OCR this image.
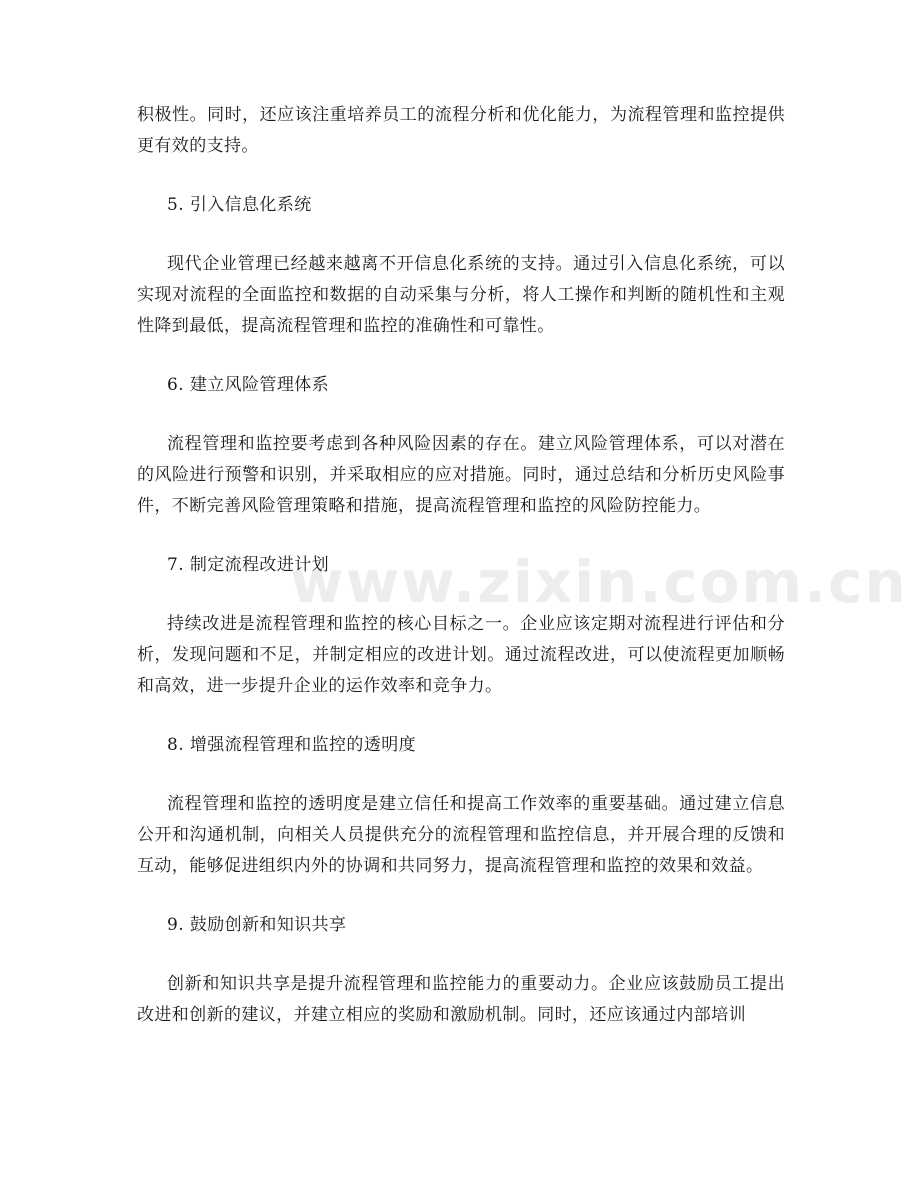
积极性。同时，还应该注重培养员工的流程分析和优化能力，为流程管理和监控提供更有效的支持。

5. 引入信息化系统

现代企业管理已经越来越离不开信息化系统的支持。通过引入信息化系统，可以实现对流程的全面监控和数据的自动采集与分析，将人工操作和判断的随机性和主观性降到最低，提高流程管理和监控的准确性和可靠性。

6. 建立风险管理体系

流程管理和监控要考虑到各种风险因素的存在。建立风险管理体系，可以对潜在的风险进行预警和识别，并采取相应的应对措施。同时，通过总结和分析历史风险事件，不断完善风险管理策略和措施，提高流程管理和监控的风险防控能力。

7. 制定流程改进计划

持续改进是流程管理和监控的核心目标之一。企业应该定期对流程进行评估和分析，发现问题和不足，并制定相应的改进计划。通过流程改进，可以使流程更加顺畅和高效，进一步提升企业的运作效率和竞争力。

8. 增强流程管理和监控的透明度

流程管理和监控的透明度是建立信任和提高工作效率的重要基础。通过建立信息公开和沟通机制，向相关人员提供充分的流程管理和监控信息，并开展合理的反馈和互动，能够促进组织内外的协调和共同努力，提高流程管理和监控的效果和效益。

9. 鼓励创新和知识共享

创新和知识共享是提升流程管理和监控能力的重要动力。企业应该鼓励员工提出改进和创新的建议，并建立相应的奖励和激励机制。同时，还应该通过内部培训

www.zixin.com.cn
